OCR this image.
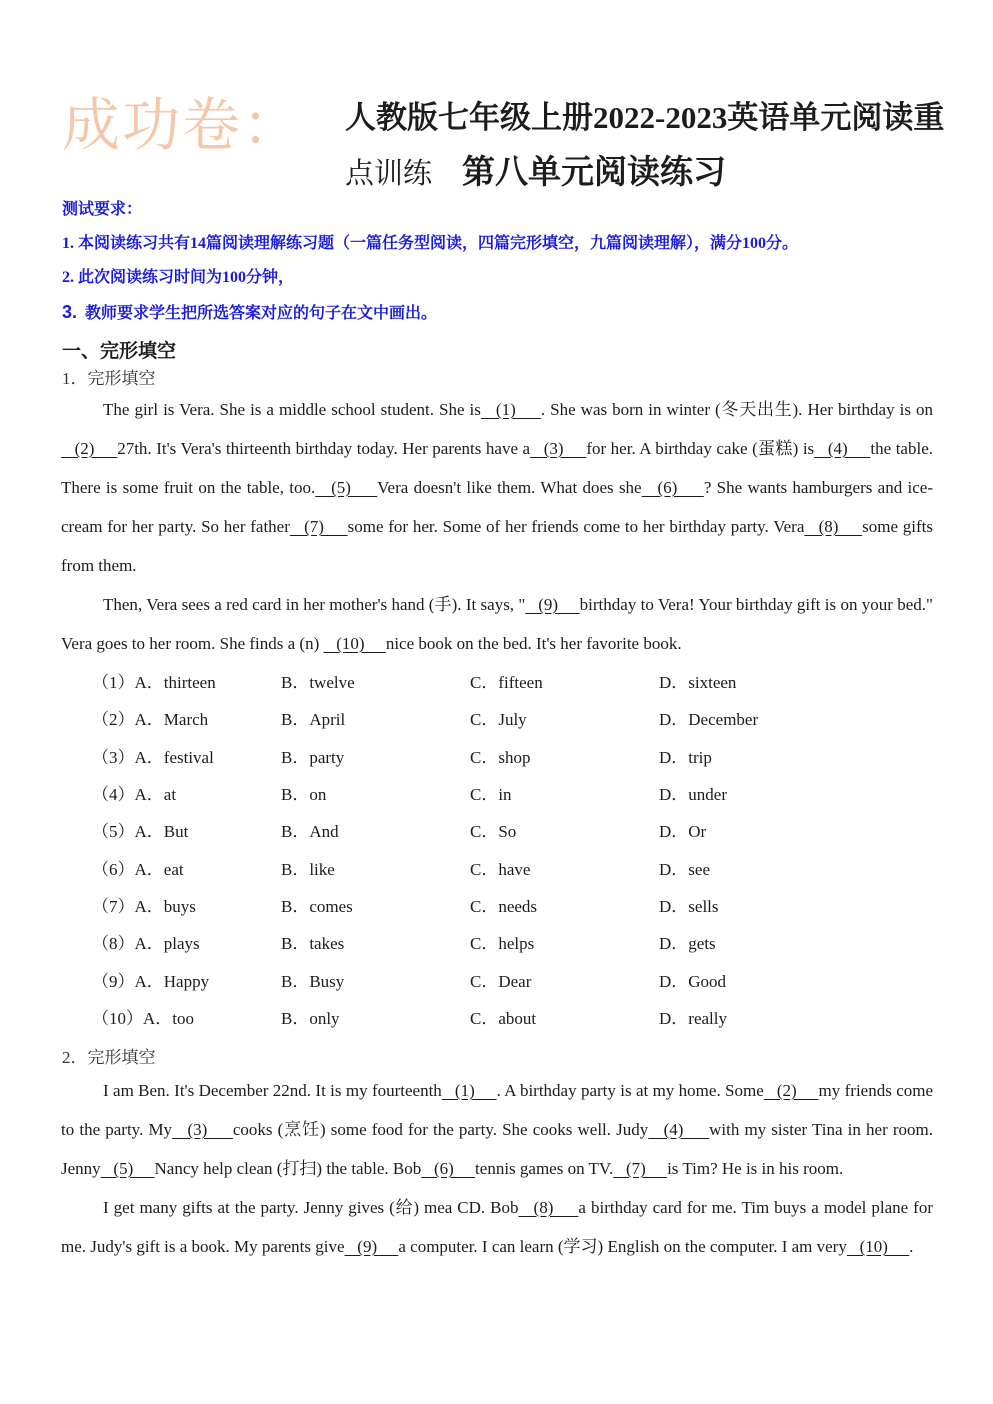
成功卷： 人教版七年级上册2022-2023英语单元阅读重
点训练 第八单元阅读练习
测试要求：
1. 本阅读练习共有14篇阅读理解练习题（一篇任务型阅读，四篇完形填空，九篇阅读理解），满分100分。
2. 此次阅读练习时间为100分钟，
3. 教师要求学生把所选答案对应的句子在文中画出。
一、完形填空
1．完形填空

The girl is Vera. She is a middle school student. She is   (1)     . She was born in winter (冬天出生). Her birthday is on   (2)     27th. It's Vera's thirteenth birthday today. Her parents have a   (3)     for her. A birthday cake (蛋糕) is   (4)     the table. There is some fruit on the table, too.   (5)     Vera doesn't like them. What does she   (6)     ? She wants hamburgers and ice-cream for her party. So her father   (7)     some for her. Some of her friends come to her birthday party. Vera   (8)     some gifts from them.

Then, Vera sees a red card in her mother's hand (手). It says, "   (9)     birthday to Vera! Your birthday gift is on your bed." Vera goes to her room. She finds a (n)    (10)     nice book on the bed. It's her favorite book.

（1）A．thirteen	B．twelve	C．fifteen	D．sixteen
（2）A．March	B．April	C．July	D．December
（3）A．festival	B．party	C．shop	D．trip
（4）A．at	B．on	C．in	D．under
（5）A．But	B．And	C．So	D．Or
（6）A．eat	B．like	C．have	D．see
（7）A．buys	B．comes	C．needs	D．sells
（8）A．plays	B．takes	C．helps	D．gets
（9）A．Happy	B．Busy	C．Dear	D．Good
（10）A．too	B．only	C．about	D．really
2．完形填空

I am Ben. It's December 22nd. It is my fourteenth   (1)     . A birthday party is at my home. Some   (2)     my friends come to the party. My   (3)     cooks (烹饪) some food for the party. She cooks well. Judy   (4)     with my sister Tina in her room. Jenny   (5)     Nancy help clean (打扫) the table. Bob   (6)     tennis games on TV.   (7)     is Tim? He is in his room.

I get many gifts at the party. Jenny gives (给) mea CD. Bob   (8)     a birthday card for me. Tim buys a model plane for me. Judy's gift is a book. My parents give   (9)     a computer. I can learn (学习) English on the computer. I am very   (10)     .
